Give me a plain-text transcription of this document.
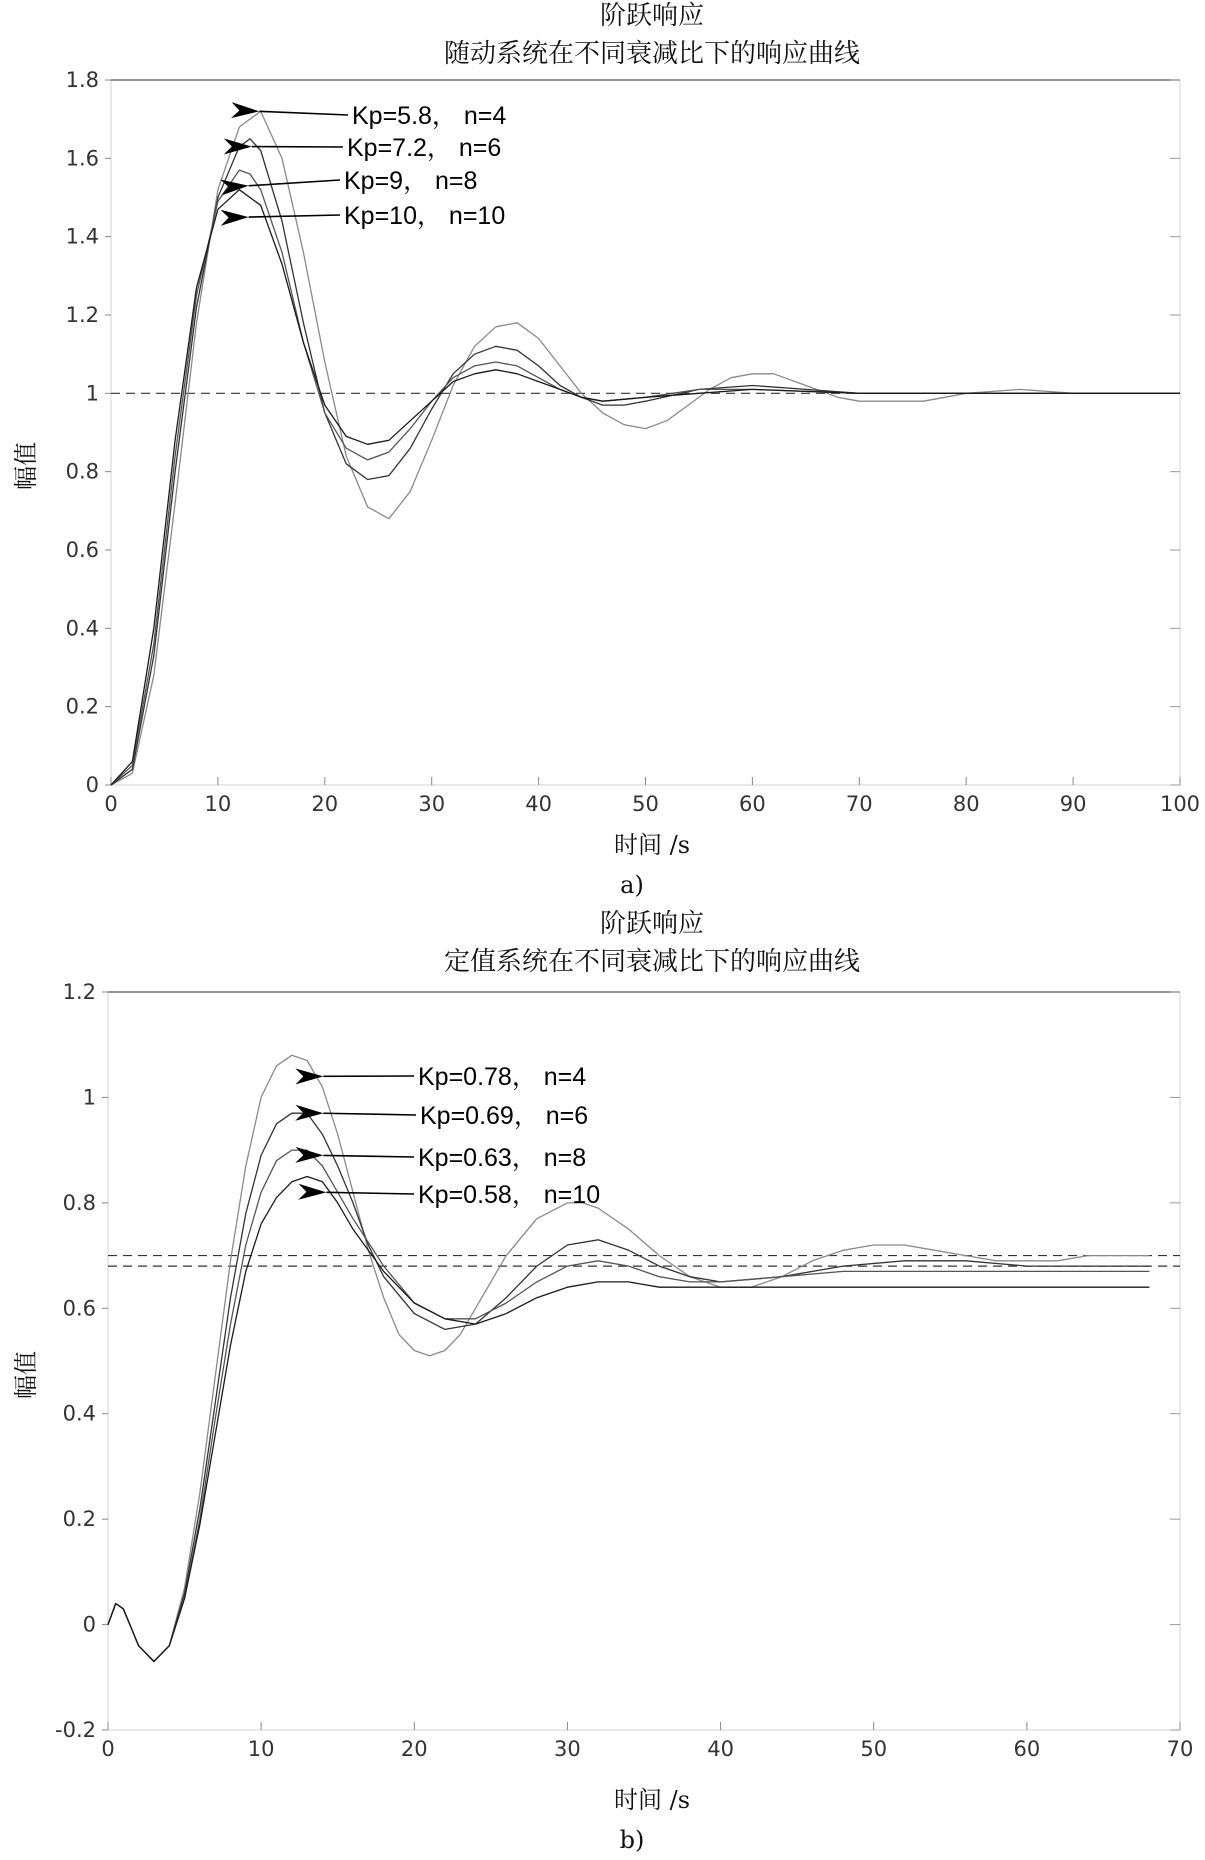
阶跃响应
随动系统在不同衰减比下的响应曲线
0	10	20	30	40	50	60	70	80	90	100
0
0.2
0.4
0.6
0.8
1
1.2
1.4
1.6
1.8
Kp=5.8， n=4
Kp=7.2， n=6
Kp=9， n=8
Kp=10， n=10
时间 /s
幅值
a)
阶跃响应
定值系统在不同衰减比下的响应曲线
0	10	20	30	40	50	60	70
-0.2
0
0.2
0.4
0.6
0.8
1
1.2
Kp=0.78， n=4
Kp=0.69， n=6
Kp=0.63， n=8
Kp=0.58， n=10
时间 /s
幅值
b)
